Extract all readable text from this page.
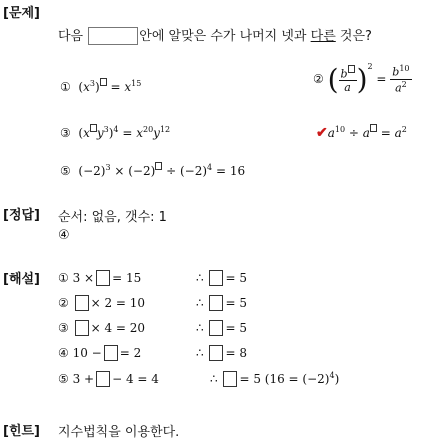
[문제]
다음	안에 알맞은 수가 나머지 넷과 다른 것은?
①  $(x^3) = x^{15}$	② ( $\frac{b}{a} )^2 = \frac{b^{10}}{a^2}$
③  (x $y^3)^4 = x^{20}y^{12}$	$✔a^{10} \div a = a^2$
⑤  $(-2)^3 \times (-2) \div (-2)^4 = 16$
[정답] 순서: 없음, 갯수: 1
④
[해설] ① 3 × = 15	∴ = 5
② × 2 = 10	∴ = 5
③ × 4 = 20	∴ = 5
④ 10 − = 2	∴ = 8
⑤ 3 + − 4 = 4	∴ = 5 $(16 = (-2)^4)$
[힌트] 지수법칙을 이용한다.
